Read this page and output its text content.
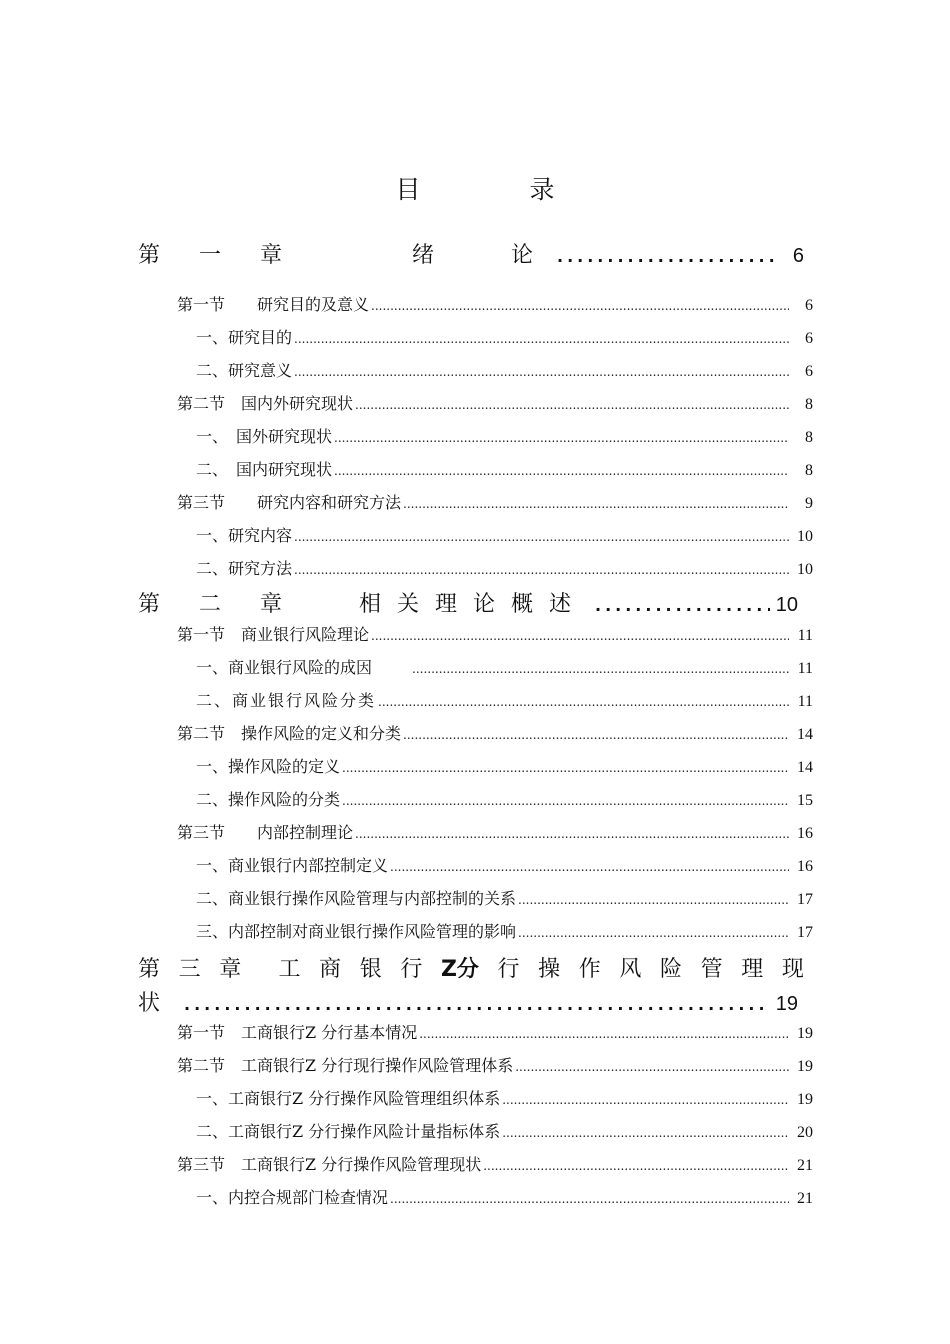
目　录
第 一 章　　　绪　 论 .....	6
第一节　　研究目的及意义 .....	6
一、研究目的 .....	6
二、研究意义 .....	6
第二节　国内外研究现状 .....	8
一、　国外研究现状 .....	8
二、　国内研究现状 .....	8
第三节　　研究内容和研究方法 .....	9
一、研究内容 .....	10
二、研究方法 .....	10
第 二 章　 相关理论概述 .....	10
第一节　商业银行风险理论 .....	11
一、商业银行风险的成因 .....	11
二、商业银行风险分类 .....	11
第二节　操作风险的定义和分类 .....	14
一、操作风险的定义 .....	14
二、操作风险的分类 .....	15
第三节　　内部控制理论 .....	16
一、商业银行内部控制定义 .....	16
二、商业银行操作风险管理与内部控制的关系 .....	17
三、内部控制对商业银行操作风险管理的影响 .....	17
第 三 章 工 商 银 行 Z分 行 操 作 风 险 管 理 现
状 .....	19
第一节　工商银行Z 分行基本情况 .....	19
第二节　工商银行Z 分行现行操作风险管理体系 .....	19
一、工商银行Z 分行操作风险管理组织体系 .....	19
二、工商银行Z 分行操作风险计量指标体系 .....	20
第三节　工商银行Z 分行操作风险管理现状 .....	21
一、内控合规部门检查情况 .....	21
